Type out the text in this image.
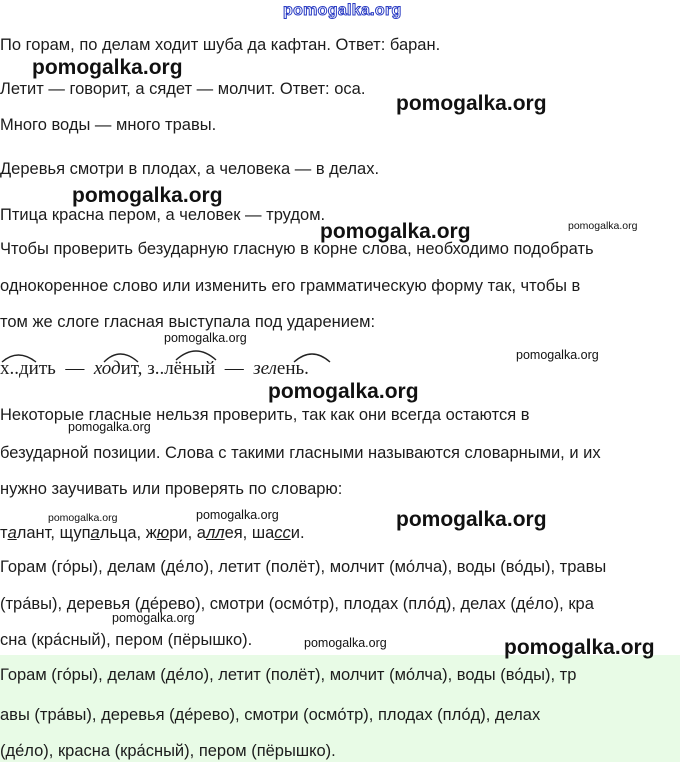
pomogalka.org
По горам, по делам ходит шуба да кафтан. Ответ: баран.
pomogalka.org
Летит — говорит, а сядет — молчит. Ответ: оса.
pomogalka.org
Много воды — много травы.
Деревья смотри в плодах, а человека — в делах.
pomogalka.org
Птица красна пером, а человек — трудом.
pomogalka.org	pomogalka.org
Чтобы проверить безударную гласную в корне слова, необходимо подобрать
однокоренное слово или изменить его грамматическую форму так, чтобы в
том же слоге гласная выступала под ударением:
х..дить — ходит, з..лёный — зелень.
pomogalka.org
pomogalka.org
pomogalka.org
Некоторые гласные нельзя проверить, так как они всегда остаются в
pomogalka.org
безударной позиции. Слова с такими гласными называются словарными, и их
нужно заучивать или проверять по словарю:
талант, щупальца, жюри, аллея, шасси.
pomogalka.org	pomogalka.org	pomogalka.org
Горам (го́ры), делам (де́ло), летит (полёт), молчит (мо́лча), воды (во́ды), травы
(тра́вы), деревья (де́рево), смотри (осмо́тр), плодах (пло́д), делах (де́ло), кра
pomogalka.org
сна (кра́сный), пером (пёрышко).	pomogalka.org	pomogalka.org
Горам (го́ры), делам (де́ло), летит (полёт), молчит (мо́лча), воды (во́ды), тр
авы (тра́вы), деревья (де́рево), смотри (осмо́тр), плодах (пло́д), делах
(де́ло), красна (кра́сный), пером (пёрышко).
